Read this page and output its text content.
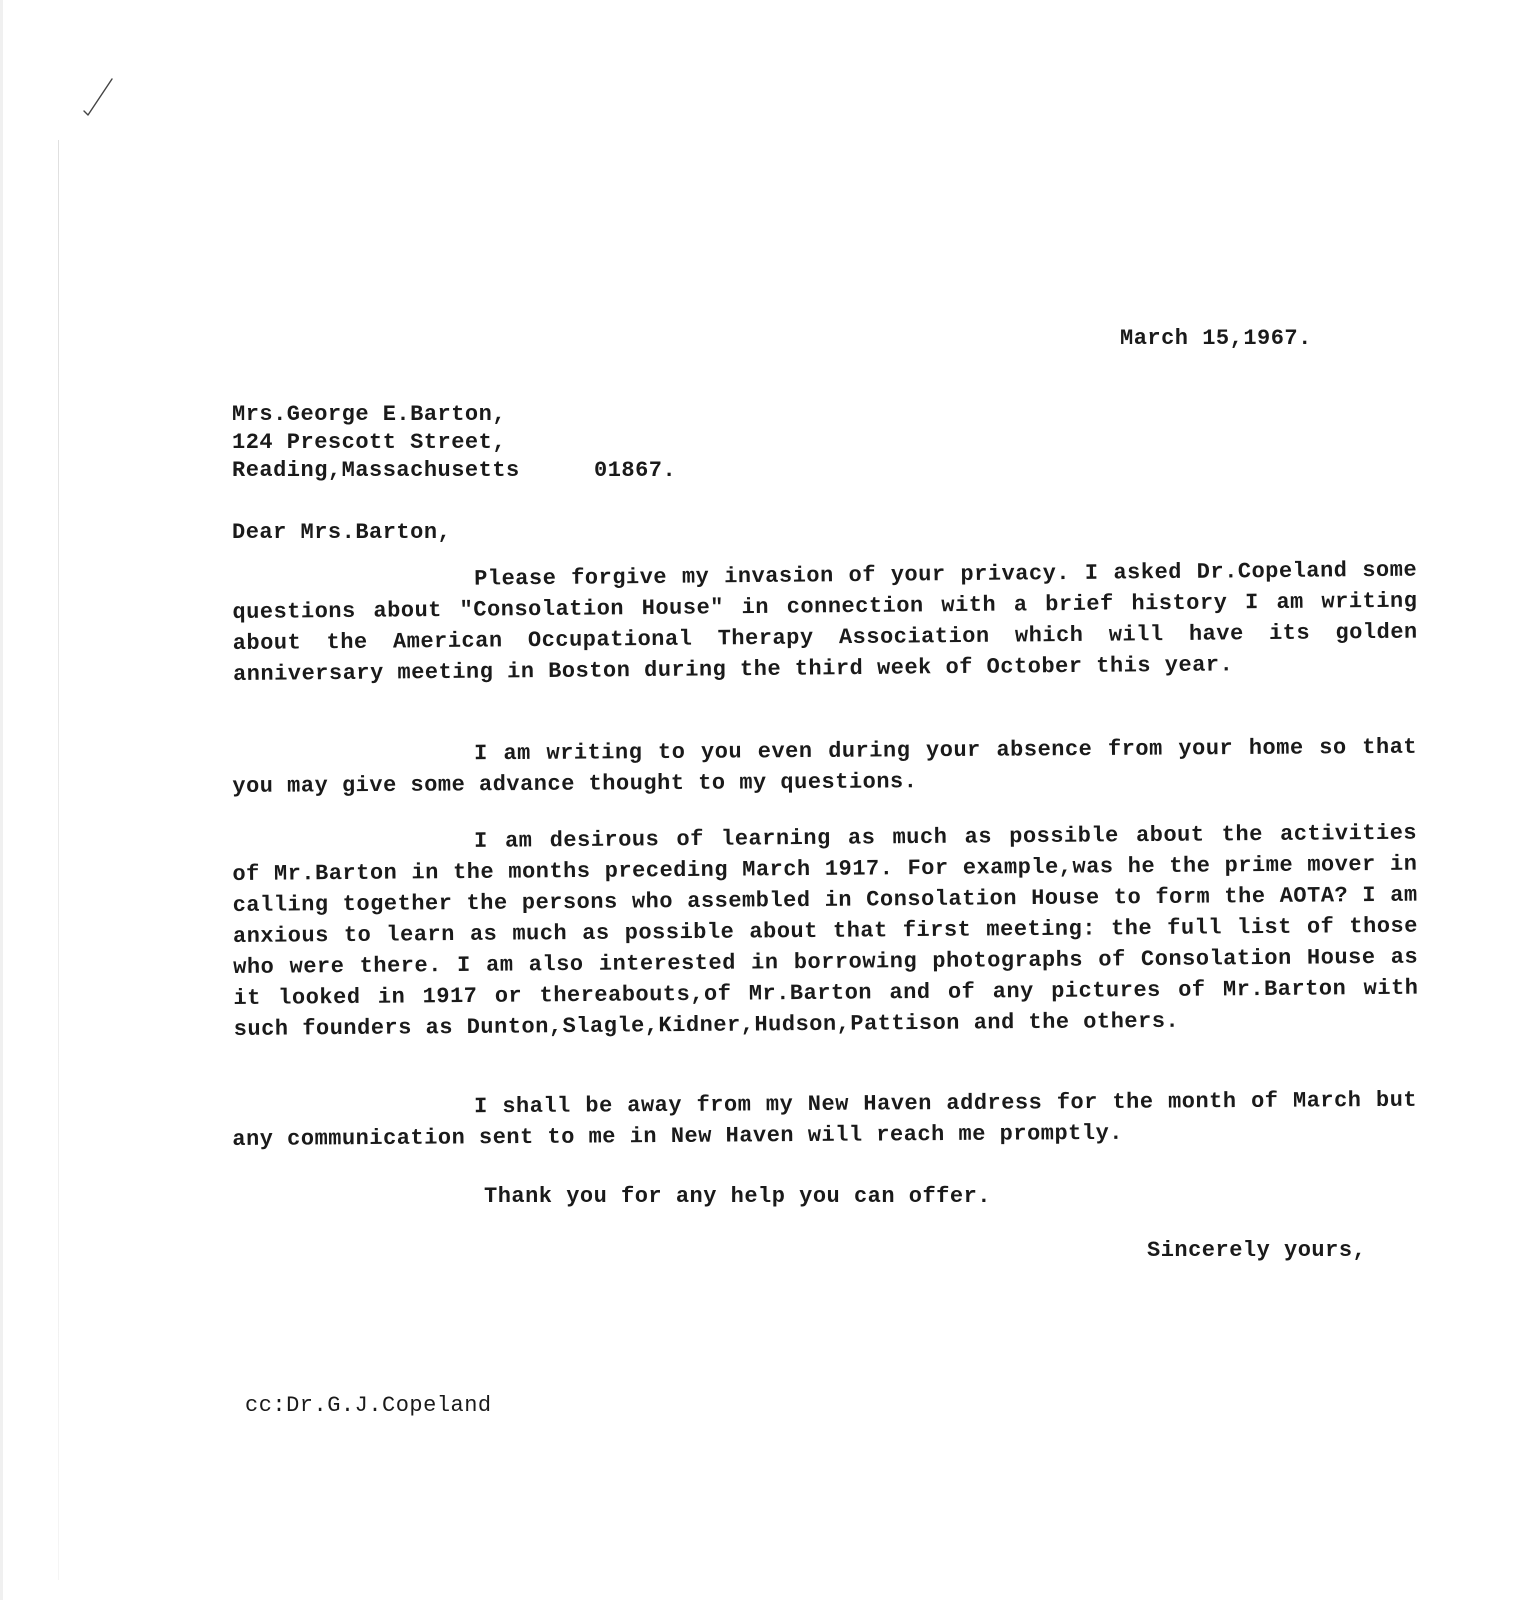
March 15,1967.
Mrs.George E.Barton,
124 Prescott Street,
Reading,Massachusetts	01867.
Dear Mrs.Barton,
Please forgive my invasion of your privacy. I asked Dr.Copeland some questions about "Consolation House" in connection with a brief history I am writing about the American Occupational Therapy Association which will have its golden anniversary meeting in Boston during the third week of October this year.
I am writing to you even during your absence from your home so that you may give some advance thought to my questions.
I am desirous of learning as much as possible about the activities of Mr.Barton in the months preceding March 1917. For example,was he the prime mover in calling together the persons who assembled in Consolation House to form the AOTA? I am anxious to learn as much as possible about that first meeting: the full list of those who were there. I am also interested in borrowing photographs of Consolation House as it looked in 1917 or thereabouts,of Mr.Barton and of any pictures of Mr.Barton with such founders as Dunton,Slagle,Kidner,Hudson,Pattison and the others.
I shall be away from my New Haven address for the month of March but any communication sent to me in New Haven will reach me promptly.
Thank you for any help you can offer.
Sincerely yours,
cc:Dr.G.J.Copeland
